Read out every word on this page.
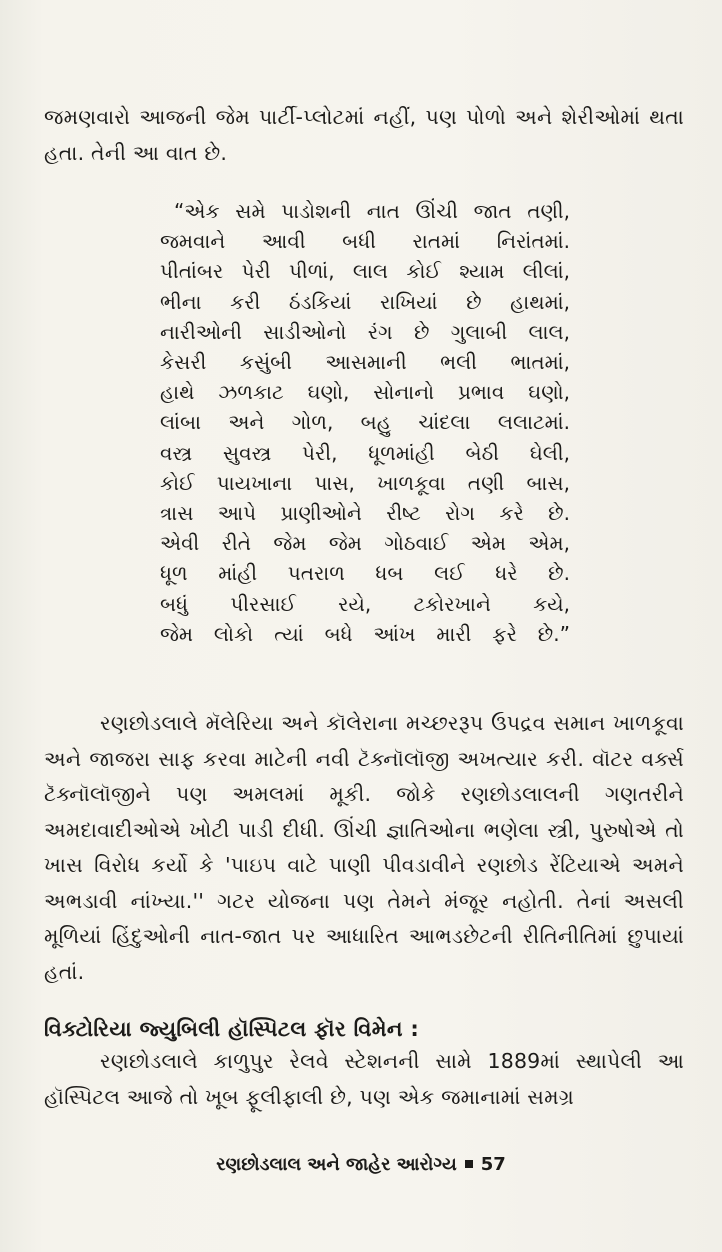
જમણવારો આજની જેમ પાર્ટી-પ્લોટમાં નહીં, પણ પોળો અને શેરીઓમાં થતા હતા. તેની આ વાત છે.

“એક સમે પાડોશની નાત ઊંચી જાત તણી,
જમવાને આવી બધી રાતમાં નિરાંતમાં.
પીતાંબર પેરી પીળાં, લાલ કોઈ શ્યામ લીલાં,
ભીના કરી ઠંડકિયાં રાખિયાં છે હાથમાં,
નારીઓની સાડીઓનો રંગ છે ગુલાબી લાલ,
કેસરી કસુંબી આસમાની ભલી ભાતમાં,
હાથે ઝળકાટ ઘણો, સોનાનો પ્રભાવ ઘણો,
લાંબા અને ગોળ, બહુ ચાંદલા લલાટમાં.
વસ્ત્ર સુવસ્ત્ર પેરી, ધૂળમાંહી બેઠી ઘેલી,
કોઈ પાયખાના પાસ, ખાળકૂવા તણી બાસ,
ત્રાસ આપે પ્રાણીઓને રીષ્ટ રોગ કરે છે.
એવી રીતે જેમ જેમ ગોઠવાઈ એમ એમ,
ધૂળ માંહી પતરાળ ધબ લઈ ધરે છે.
બધું પીરસાઈ રયે, ટકોરખાને કયે,
જેમ લોકો ત્યાં બધે આંખ મારી ફરે છે.”

રણછોડલાલે મૅલેરિયા અને કૉલેરાના મચ્છરરૂપ ઉપદ્રવ સમાન ખાળકૂવા અને જાજરા સાફ કરવા માટેની નવી ટૅક્નૉલૉજી અખત્યાર કરી. વૉટર વર્ક્સ ટૅક્નૉલૉજીને પણ અમલમાં મૂકી. જોકે રણછોડલાલની ગણતરીને અમદાવાદીઓએ ખોટી પાડી દીધી. ઊંચી જ્ઞાતિઓના ભણેલા સ્ત્રી, પુરુષોએ તો ખાસ વિરોધ કર્યો કે 'પાઇપ વાટે પાણી પીવડાવીને રણછોડ રેંટિયાએ અમને અભડાવી નાંખ્યા.'' ગટર યોજના પણ તેમને મંજૂર નહોતી. તેનાં અસલી મૂળિયાં હિંદુઓની નાત-જાત પર આધારિત આભડછેટની રીતિનીતિમાં છુપાયાં હતાં.

વિક્ટોરિયા જ્યુબિલી હૉસ્પિટલ ફૉર વિમેન :

રણછોડલાલે કાળુપુર રેલવે સ્ટેશનની સામે 1889માં સ્થાપેલી આ હૉસ્પિટલ આજે તો ખૂબ ફૂલીફાલી છે, પણ એક જમાનામાં સમગ્ર

રણછોડલાલ અને જાહેર આરોગ્ય 57
